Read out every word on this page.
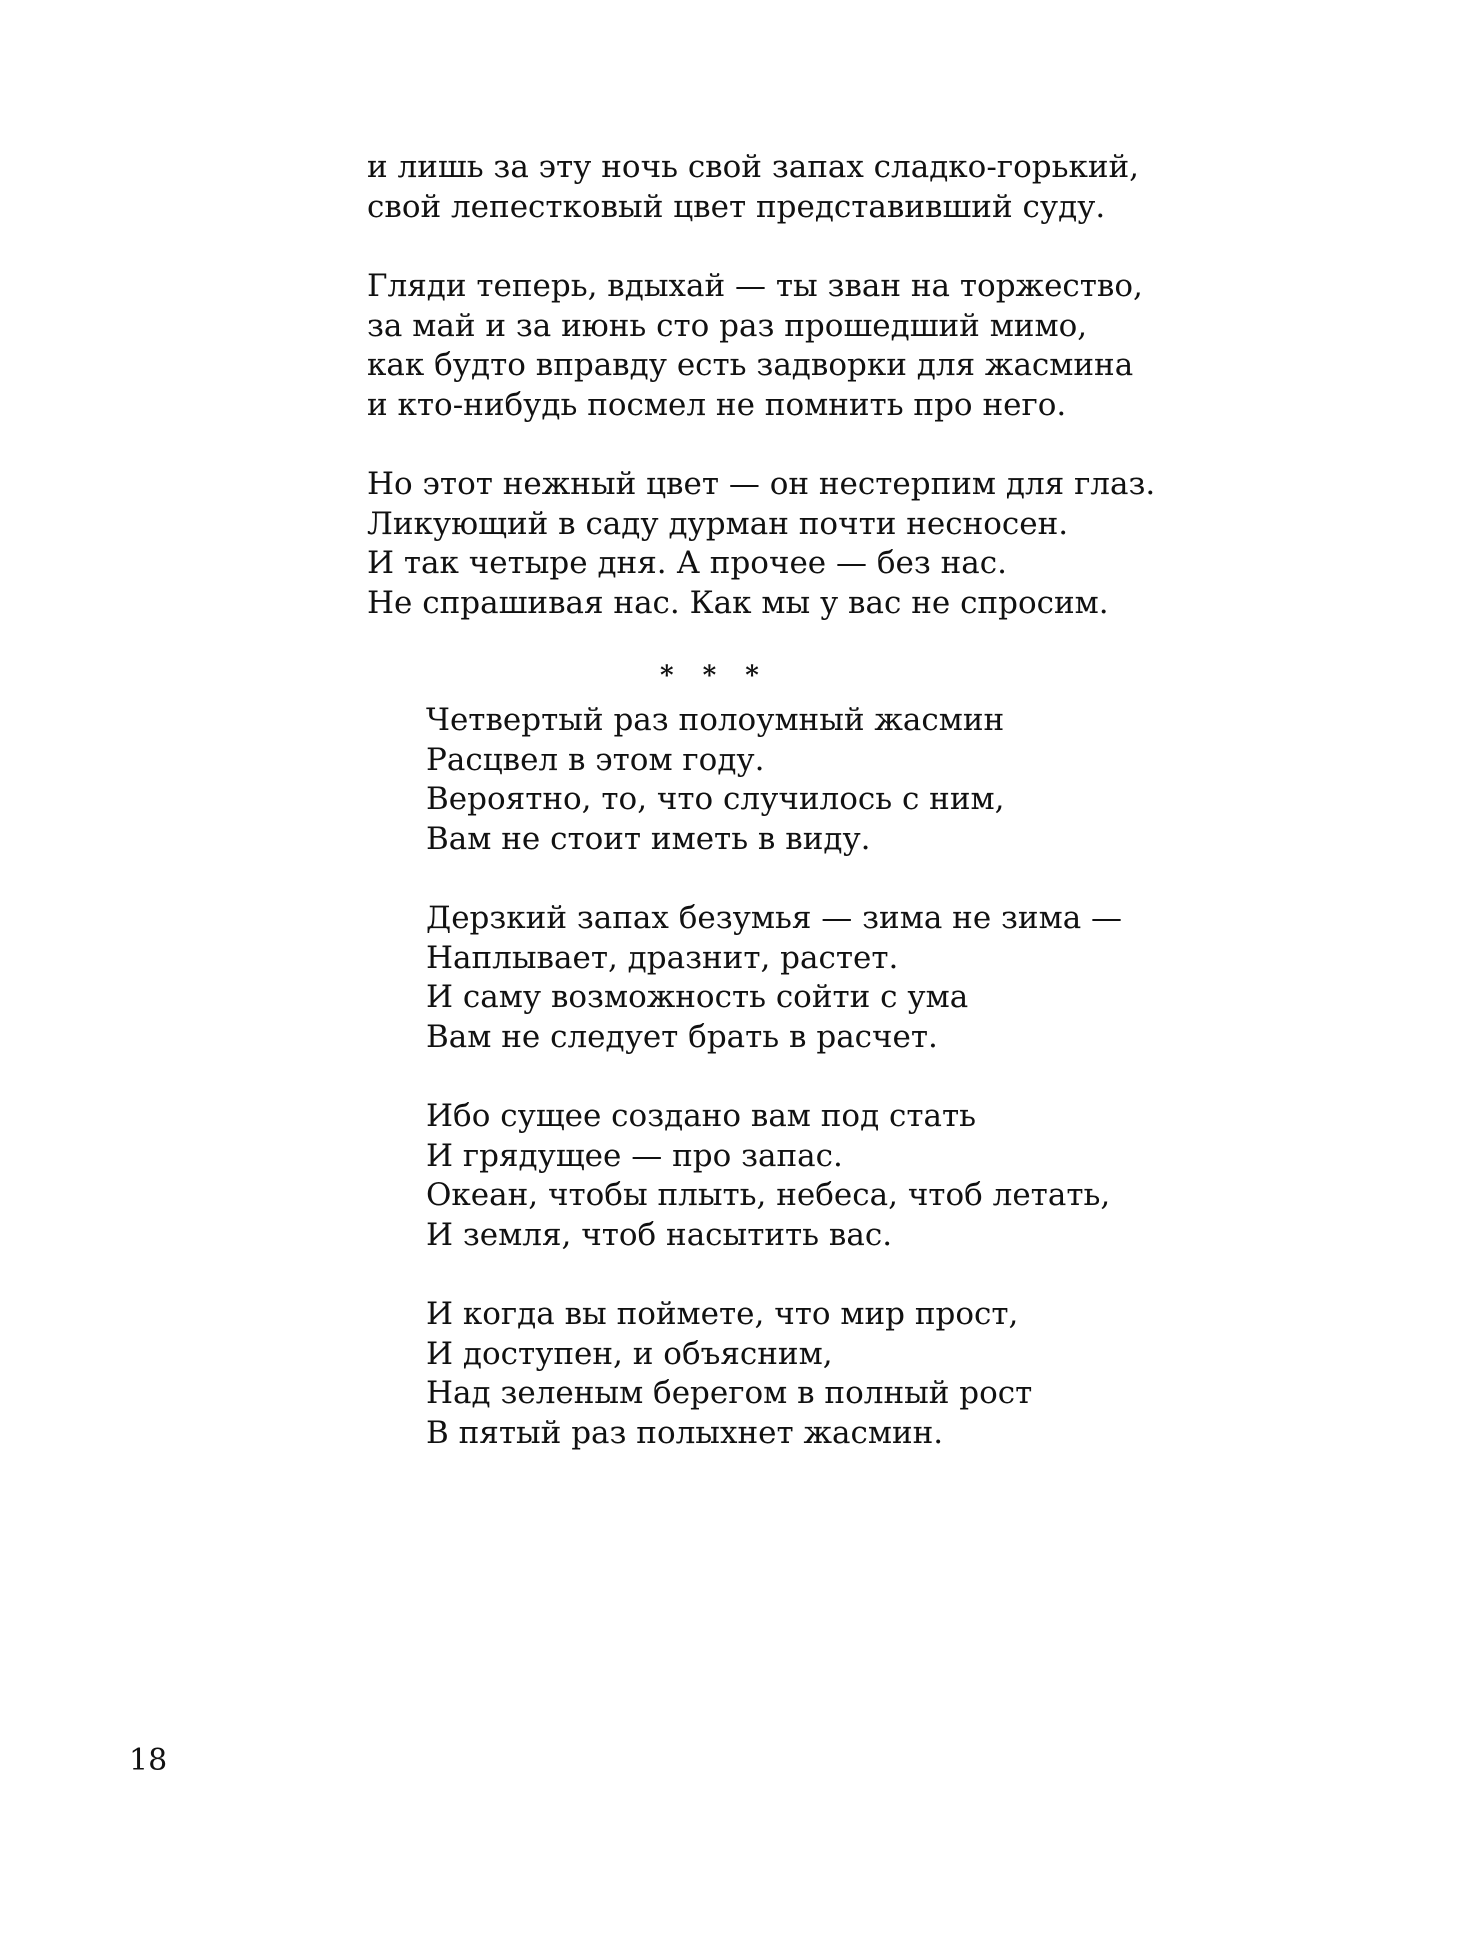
и лишь за эту ночь свой запах сладко-горький,
свой лепестковый цвет представивший суду.
Гляди теперь, вдыхай — ты зван на торжество,
за май и за июнь сто раз прошедший мимо,
как будто вправду есть задворки для жасмина
и кто-нибудь посмел не помнить про него.
Но этот нежный цвет — он нестерпим для глаз.
Ликующий в саду дурман почти несносен.
И так четыре дня. А прочее — без нас.
Не спрашивая нас. Как мы у вас не спросим.
* * *
Четвертый раз полоумный жасмин
Расцвел в этом году.
Вероятно, то, что случилось с ним,
Вам не стоит иметь в виду.
Дерзкий запах безумья — зима не зима —
Наплывает, дразнит, растет.
И саму возможность сойти с ума
Вам не следует брать в расчет.
Ибо сущее создано вам под стать
И грядущее — про запас.
Океан, чтобы плыть, небеса, чтоб летать,
И земля, чтоб насытить вас.
И когда вы поймете, что мир прост,
И доступен, и объясним,
Над зеленым берегом в полный рост
В пятый раз полыхнет жасмин.
18
